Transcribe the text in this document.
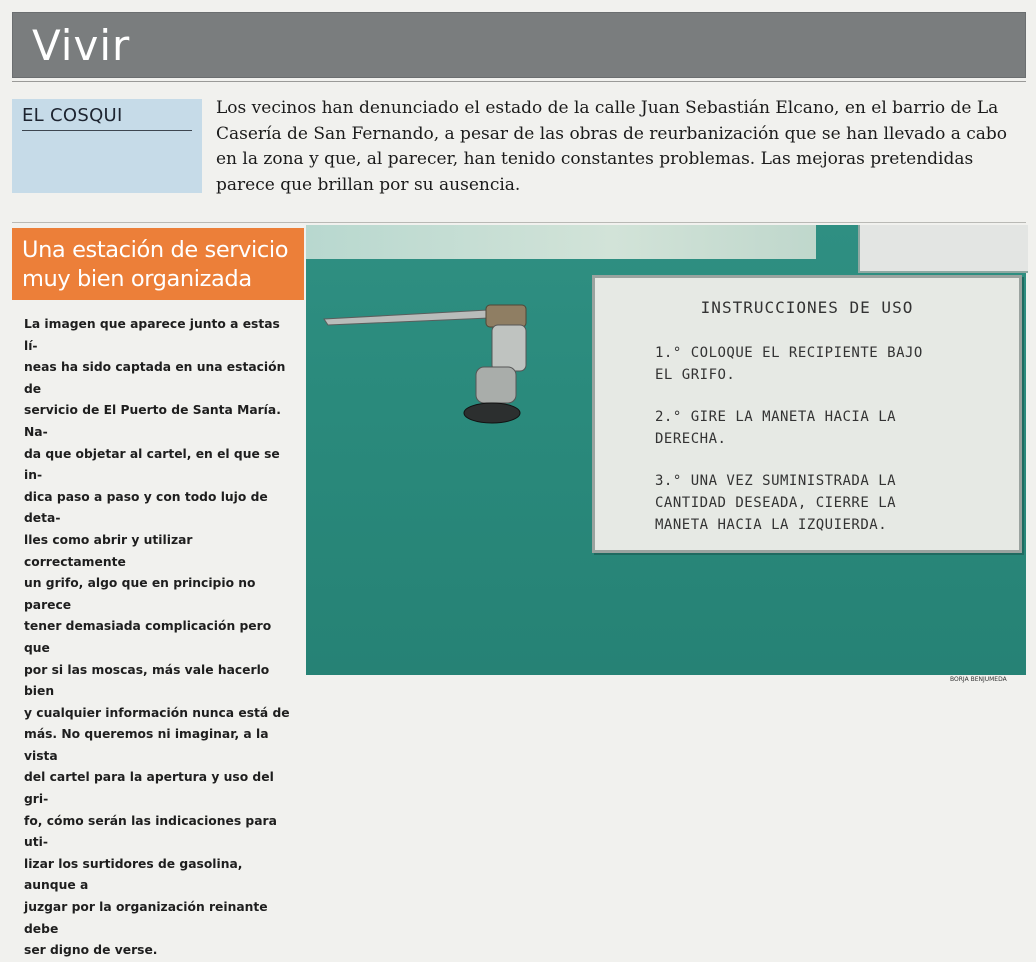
Vivir
EL COSQUI	Los vecinos han denunciado el estado de la calle Juan Sebastián Elcano, en el barrio de La Casería de San Fernando, a pesar de las obras de reurbanización que se han llevado a cabo en la zona y que, al parecer, han tenido constantes problemas. Las mejoras pretendidas parece que brillan por su ausencia.
Una estación de servicio
muy bien organizada
La imagen que aparece junto a estas lí-
neas ha sido captada en una estación de
servicio de El Puerto de Santa María. Na-
da que objetar al cartel, en el que se in-
dica paso a paso y con todo lujo de deta-
lles como abrir y utilizar correctamente
un grifo, algo que en principio no parece
tener demasiada complicación pero que
por si las moscas, más vale hacerlo bien
y cualquier información nunca está de
más. No queremos ni imaginar, a la vista
del cartel para la apertura y uso del gri-
fo, cómo serán las indicaciones para uti-
lizar los surtidores de gasolina, aunque a
juzgar por la organización reinante debe
ser digno de verse.
INSTRUCCIONES DE USO
1.° COLOQUE EL RECIPIENTE BAJO
EL GRIFO.
2.° GIRE LA MANETA HACIA LA
DERECHA.
3.° UNA VEZ SUMINISTRADA LA
CANTIDAD DESEADA, CIERRE LA
MANETA HACIA LA IZQUIERDA.
BORJA BENJUMEDA
